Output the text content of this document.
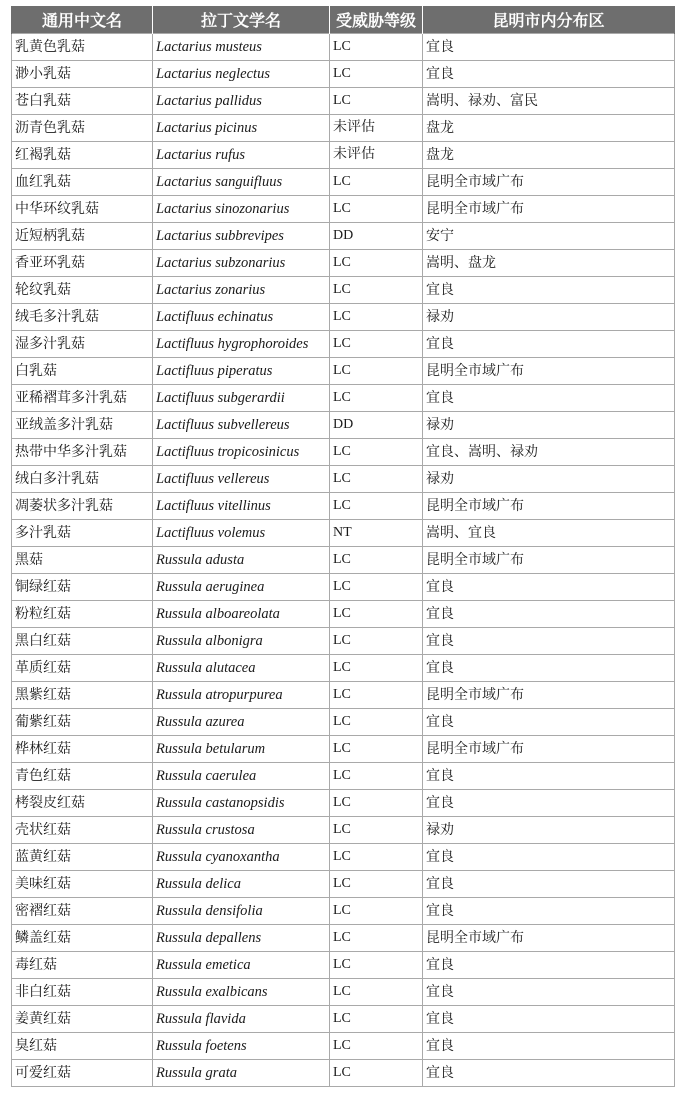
通用中文名	拉丁文学名	受威胁等级	昆明市内分布区
乳黄色乳菇	Lactarius musteus	LC	宜良
渺小乳菇	Lactarius neglectus	LC	宜良
苍白乳菇	Lactarius pallidus	LC	嵩明、禄劝、富民
沥青色乳菇	Lactarius picinus	未评估	盘龙
红褐乳菇	Lactarius rufus	未评估	盘龙
血红乳菇	Lactarius sanguifluus	LC	昆明全市域广布
中华环纹乳菇	Lactarius sinozonarius	LC	昆明全市域广布
近短柄乳菇	Lactarius subbrevipes	DD	安宁
香亚环乳菇	Lactarius subzonarius	LC	嵩明、盘龙
轮纹乳菇	Lactarius zonarius	LC	宜良
绒毛多汁乳菇	Lactifluus echinatus	LC	禄劝
湿多汁乳菇	Lactifluus hygrophoroides	LC	宜良
白乳菇	Lactifluus piperatus	LC	昆明全市域广布
亚稀褶茸多汁乳菇	Lactifluus subgerardii	LC	宜良
亚绒盖多汁乳菇	Lactifluus subvellereus	DD	禄劝
热带中华多汁乳菇	Lactifluus tropicosinicus	LC	宜良、嵩明、禄劝
绒白多汁乳菇	Lactifluus vellereus	LC	禄劝
凋萎状多汁乳菇	Lactifluus vitellinus	LC	昆明全市域广布
多汁乳菇	Lactifluus volemus	NT	嵩明、宜良
黑菇	Russula adusta	LC	昆明全市域广布
铜绿红菇	Russula aeruginea	LC	宜良
粉粒红菇	Russula alboareolata	LC	宜良
黑白红菇	Russula albonigra	LC	宜良
革质红菇	Russula alutacea	LC	宜良
黑紫红菇	Russula atropurpurea	LC	昆明全市域广布
葡紫红菇	Russula azurea	LC	宜良
桦林红菇	Russula betularum	LC	昆明全市域广布
青色红菇	Russula caerulea	LC	宜良
栲裂皮红菇	Russula castanopsidis	LC	宜良
壳状红菇	Russula crustosa	LC	禄劝
蓝黄红菇	Russula cyanoxantha	LC	宜良
美味红菇	Russula delica	LC	宜良
密褶红菇	Russula densifolia	LC	宜良
鳞盖红菇	Russula depallens	LC	昆明全市域广布
毒红菇	Russula emetica	LC	宜良
非白红菇	Russula exalbicans	LC	宜良
姜黄红菇	Russula flavida	LC	宜良
臭红菇	Russula foetens	LC	宜良
可爱红菇	Russula grata	LC	宜良
